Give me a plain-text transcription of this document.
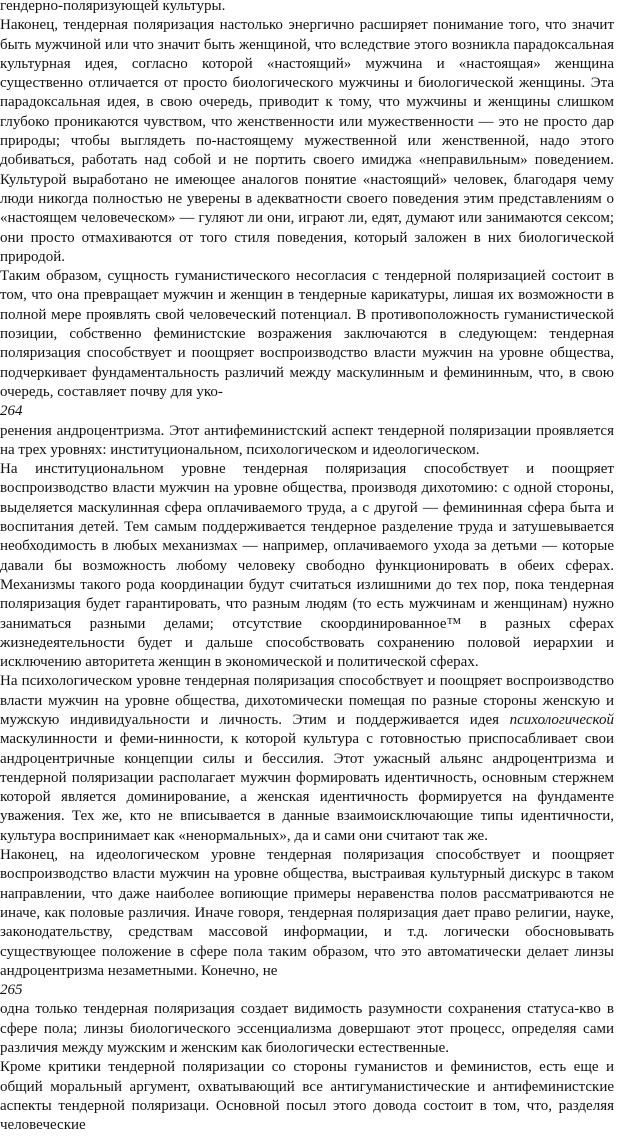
гендерно-поляризующей культуры.

Наконец, тендерная поляризация настолько энергично расширяет понимание того, что значит быть мужчиной или что значит быть женщиной, что вследствие этого возникла парадоксальная культурная идея, согласно которой «настоящий» мужчина и «настоящая» женщина существенно отличается от просто биологического мужчины и биологической женщины. Эта парадоксальная идея, в свою очередь, приводит к тому, что мужчины и женщины слишком глубоко проникаются чувством, что женственности или мужественности — это не просто дар природы; чтобы выглядеть по-настоящему мужественной или женственной, надо этого добиваться, работать над собой и не портить своего имиджа «неправильным» поведением. Культурой выработано не имеющее аналогов понятие «настоящий» человек, благодаря чему люди никогда полностью не уверены в адекватности своего поведения этим представлениям о «настоящем человеческом» — гуляют ли они, играют ли, едят, думают или занимаются сексом; они просто отмахиваются от того стиля поведения, который заложен в них биологической природой.

Таким образом, сущность гуманистического несогласия с тендерной поляризацией состоит в том, что она превращает мужчин и женщин в тендерные карикатуры, лишая их возможности в полной мере проявлять свой человеческий потенциал. В противоположность гуманистической позиции, собственно феминистские возражения заключаются в следующем: тендерная поляризация способствует и поощряет воспроизводство власти мужчин на уровне общества, подчеркивает фундаментальность различий между маскулинным и фемининным, что, в свою очередь, составляет почву для уко-

264

ренения андроцентризма. Этот антифеминистский аспект тендерной поляризации проявляется на трех уровнях: институциональном, психологическом и идеологическом.

На институциональном уровне тендерная поляризация способствует и поощряет воспроизводство власти мужчин на уровне общества, производя дихотомию: с одной стороны, выделяется маскулинная сфера оплачиваемого труда, а с другой — фемининная сфера быта и воспитания детей. Тем самым поддерживается тендерное разделение труда и затушевывается необходимость в любых механизмах — например, оплачиваемого ухода за детьми — которые давали бы возможность любому человеку свободно функционировать в обеих сферах. Механизмы такого рода координации будут считаться излишними до тех пор, пока тендерная поляризация будет гарантировать, что разным людям (то есть мужчинам и женщинам) нужно заниматься разными делами; отсутствие скоординированное™ в разных сферах жизнедеятельности будет и дальше способствовать сохранению половой иерархии и исключению авторитета женщин в экономической и политической сферах.

На психологическом уровне тендерная поляризация способствует и поощряет воспроизводство власти мужчин на уровне общества, дихотомически помещая по разные стороны женскую и мужскую индивидуальности и личность. Этим и поддерживается идея психологической маскулинности и феми-нинности, к которой культура с готовностью приспосабливает свои андроцентричные концепции силы и бессилия. Этот ужасный альянс андроцентризма и тендерной поляризации располагает мужчин формировать идентичность, основным стержнем которой является доминирование, а женская идентичность формируется на фундаменте уважения. Тех же, кто не вписывается в данные взаимоисключающие типы идентичности, культура воспринимает как «ненормальных», да и сами они считают так же.

Наконец, на идеологическом уровне тендерная поляризация способствует и поощряет воспроизводство власти мужчин на уровне общества, выстраивая культурный дискурс в таком направлении, что даже наиболее вопиющие примеры неравенства полов рассматриваются не иначе, как половые различия. Иначе говоря, тендерная поляризация дает право религии, науке, законодательству, средствам массовой информации, и т.д. логически обосновывать существующее положение в сфере пола таким образом, что это автоматически делает линзы андроцентризма незаметными. Конечно, не

265

одна только тендерная поляризация создает видимость разумности сохранения статуса-кво в сфере пола; линзы биологического эссенциализма довершают этот процесс, определяя сами различия между мужским и женским как биологически естественные.

Кроме критики тендерной поляризации со стороны гуманистов и феминистов, есть еще и общий моральный аргумент, охватывающий все антигуманистические и антифеминистские аспекты тендерной поляризаци. Основной посыл этого довода состоит в том, что, разделяя человеческие
